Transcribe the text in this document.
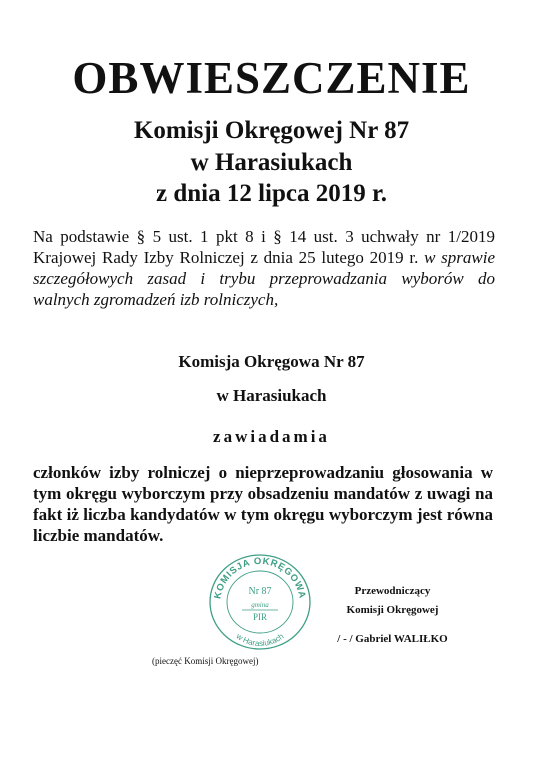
OBWIESZCZENIE
Komisji Okręgowej Nr 87
w Harasiukach
z dnia 12 lipca 2019 r.
Na podstawie § 5 ust. 1 pkt 8 i § 14 ust. 3 uchwały nr 1/2019 Krajowej Rady Izby Rolniczej z dnia 25 lutego 2019 r. w sprawie szczegółowych zasad i trybu przeprowadzania wyborów do walnych zgromadzeń izb rolniczych,
Komisja Okręgowa Nr 87
w Harasiukach
zawiadamia
członków izby rolniczej o nieprzeprowadzaniu głosowania w tym okręgu wyborczym przy obsadzeniu mandatów z uwagi na fakt iż liczba kandydatów w tym okręgu wyborczym jest równa liczbie mandatów.
KOMISJA OKRĘGOWA
w Harasiukach
Nr 87
gmina
PIR
(pieczęć Komisji Okręgowej)
Przewodniczący
Komisji Okręgowej
/ - / Gabriel WALIŁKO
